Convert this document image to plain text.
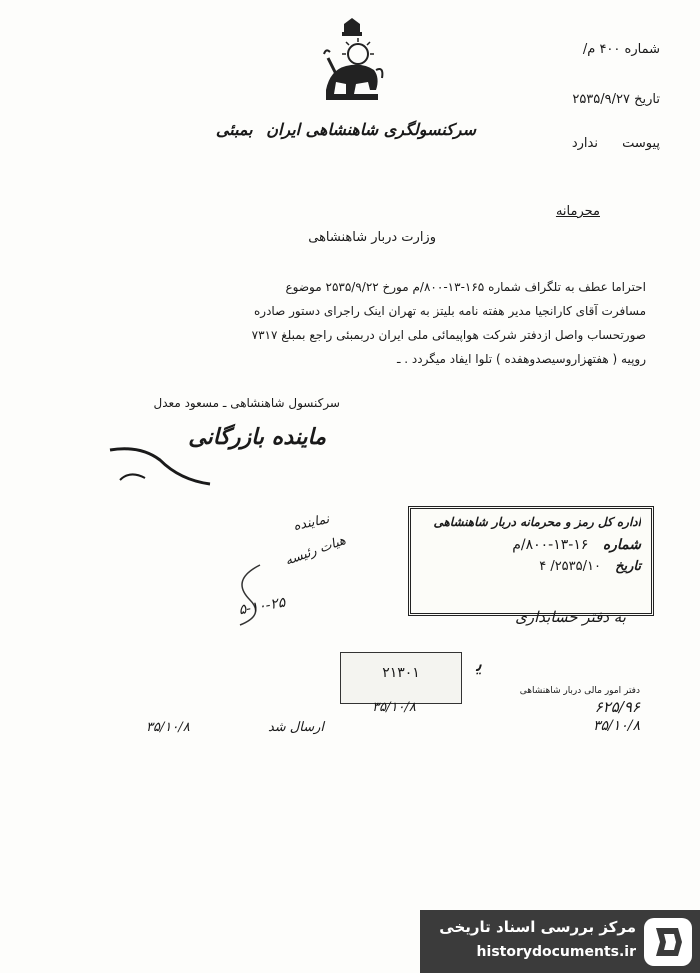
شماره ۴۰۰ م/
تاریخ ۲۵۳۵/۹/۲۷
پیوست ندارد
سرکنسولگری شاهنشاهی ایران بمبئی
محرمانه
وزارت دربار شاهنشاهی
احتراما عطف به تلگراف شماره ۱۶۵-۱۳-۸۰۰/م مورخ ۲۵۳۵/۹/۲۲ موضوع
مسافرت آقای کارانجیا مدیر هفته نامه بلیتز به تهران اینک راجرای دستور صادره
صورتحساب واصل ازدفتر شرکت هواپیمائی ملی ایران دربمبئی راجع بمبلغ ۷۳۱۷
روپیه ( هفتهزاروسیصدوهفده ) تلوا ایفاد میگردد . ـ
سرکنسول شاهنشاهی ـ مسعود معدل
ماینده بازرگانی
اداره کل رمز و محرمانه دربار شاهنشاهی
شماره ۱۶-۱۳-۸۰۰/م
تاریخ ۲۵۳۵/۱۰/ ۴
نماینده
هیات رئیسه
۵-۱۰-۲۵	به دفتر حسابداری
۲۱۳۰۱
۳۵/۱۰/۸
ﯾ
دفتر امور مالی دربار شاهنشاهی
۶۲۵/۹۶
۳۵/۱۰/۸
۳۵/۱۰/۸	ارسال شد
مرکز بررسی اسناد تاریخی
historydocuments.ir
